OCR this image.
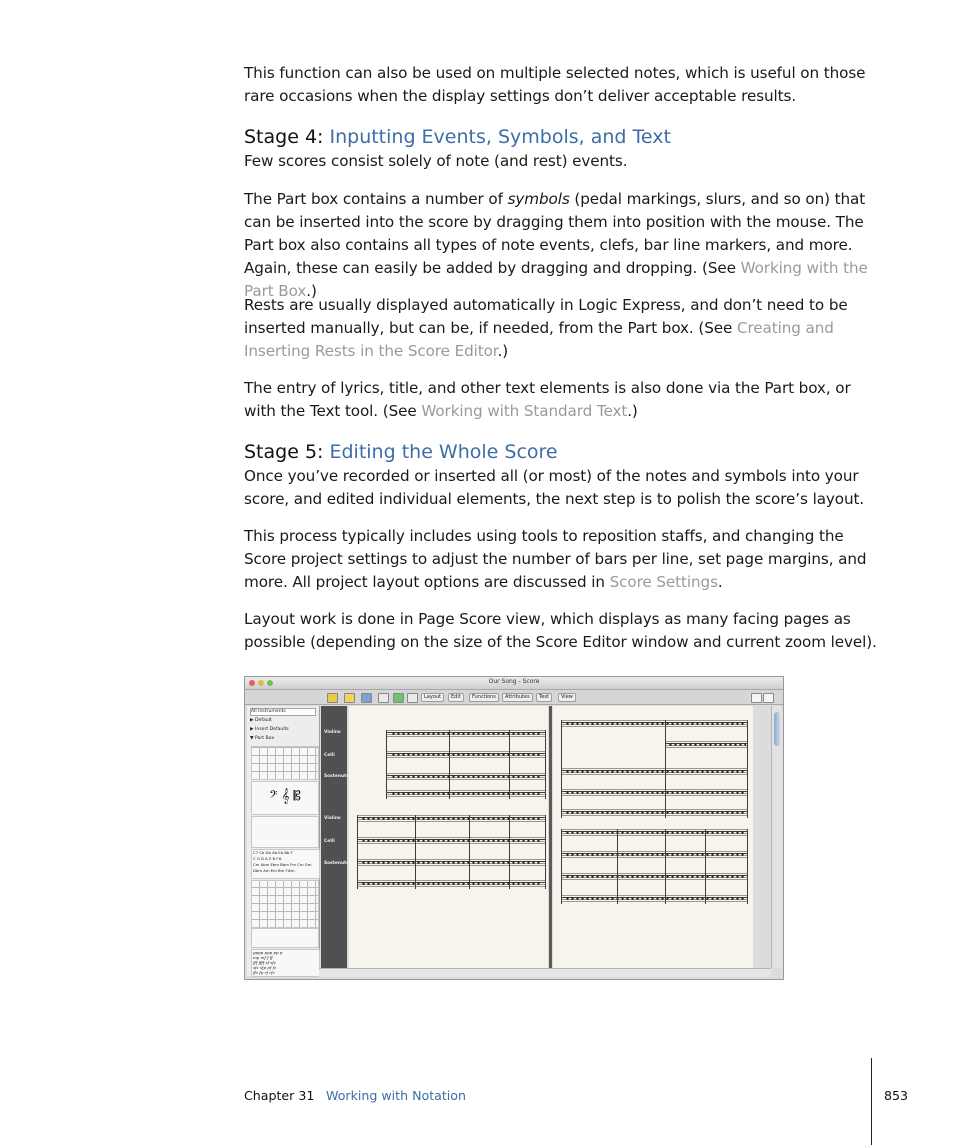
This function can also be used on multiple selected notes, which is useful on those rare occasions when the display settings don’t deliver acceptable results.

Stage 4: Inputting Events, Symbols, and Text

Few scores consist solely of note (and rest) events.

The Part box contains a number of symbols (pedal markings, slurs, and so on) that can be inserted into the score by dragging them into position with the mouse. The Part box also contains all types of note events, clefs, bar line markers, and more. Again, these can easily be added by dragging and dropping. (See Working with the Part Box.)

Rests are usually displayed automatically in Logic Express, and don’t need to be inserted manually, but can be, if needed, from the Part box. (See Creating and Inserting Rests in the Score Editor.)

The entry of lyrics, title, and other text elements is also done via the Part box, or with the Text tool. (See Working with Standard Text.)

Stage 5: Editing the Whole Score

Once you’ve recorded or inserted all (or most) of the notes and symbols into your score, and edited individual elements, the next step is to polish the score’s layout.

This process typically includes using tools to reposition staffs, and changing the Score project settings to adjust the number of bars per line, set page margins, and more. All project layout options are discussed in Score Settings.

Layout work is done in Page Score view, which displays as many facing pages as possible (depending on the size of the Score Editor window and current zoom level).

Our Song - Score
Layout	Edit	Functions	Attributes	Text	View
All Instruments
▶ Default
▶ Insert Defaults
▼ Part Box
𝄢 𝄞 𝄡
C7 Cb Db Ab Eb Bb F
C G D A E B F#
Cm Abm Ebm Bbm Fm Cm Gm
Dbm Am Em Bm F#m
pppp ppp pp p
mp mf f ff
fff ffff sf sfz
sfz sfp pf fz
ffz fp rf rfz
Violins
Celli
Sostenuto
Violins
Celli
Sostenuto
Chapter 31 Working with Notation	853
